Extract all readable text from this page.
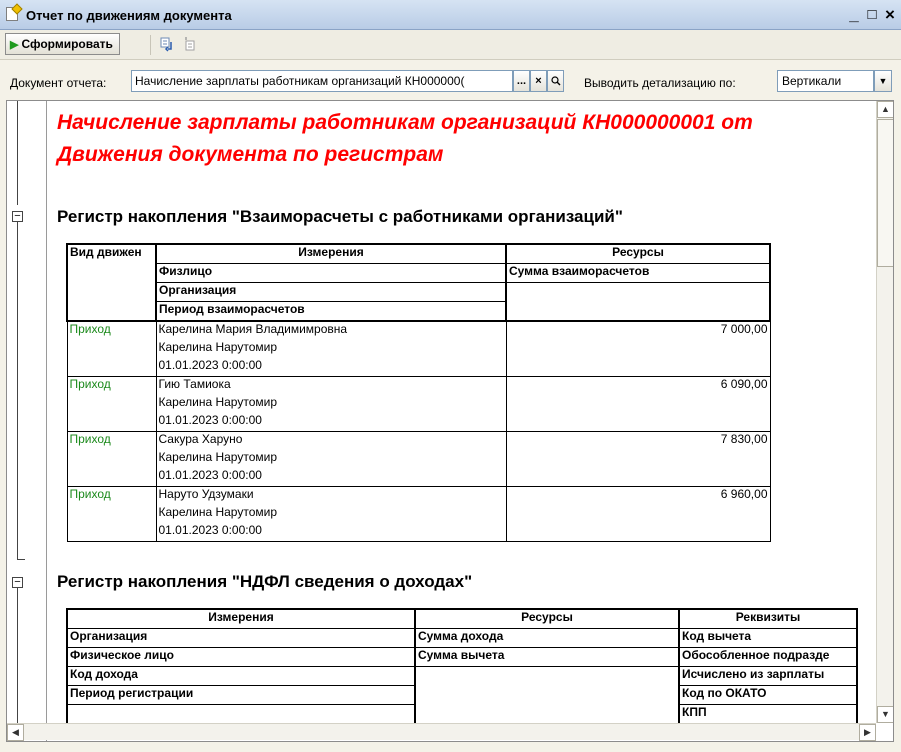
Отчет по движениям документа	_ □ ×
▶ Сформировать
Документ отчета:	Начисление зарплаты работникам организаций КН000000(	... ×	Выводить детализацию по:	Вертикали	▼
−
−
Начисление зарплаты работникам организаций КН000000001 от
Движения документа по регистрам
Регистр накопления "Взаиморасчеты с работниками организаций"
Вид движен	Измерения	Ресурсы
	Физлицо	Сумма взаиморасчетов
	Организация	
	Период взаиморасчетов	
Приход	Карелина Мария Владимимровна	7 000,00
	Карелина Нарутомир	
	01.01.2023 0:00:00	
Приход	Гию Тамиока	6 090,00
	Карелина Нарутомир	
	01.01.2023 0:00:00	
Приход	Сакура Харуно	7 830,00
	Карелина Нарутомир	
	01.01.2023 0:00:00	
Приход	Наруто Удзумаки	6 960,00
	Карелина Нарутомир	
	01.01.2023 0:00:00	
Регистр накопления "НДФЛ сведения о доходах"
Измерения	Ресурсы	Реквизиты
Организация	Сумма дохода	Код вычета
Физическое лицо	Сумма вычета	Обособленное подразде
Код дохода		Исчислено из зарплаты
Период регистрации		Код по ОКАТО
		КПП
▲
▼
◀	▶
